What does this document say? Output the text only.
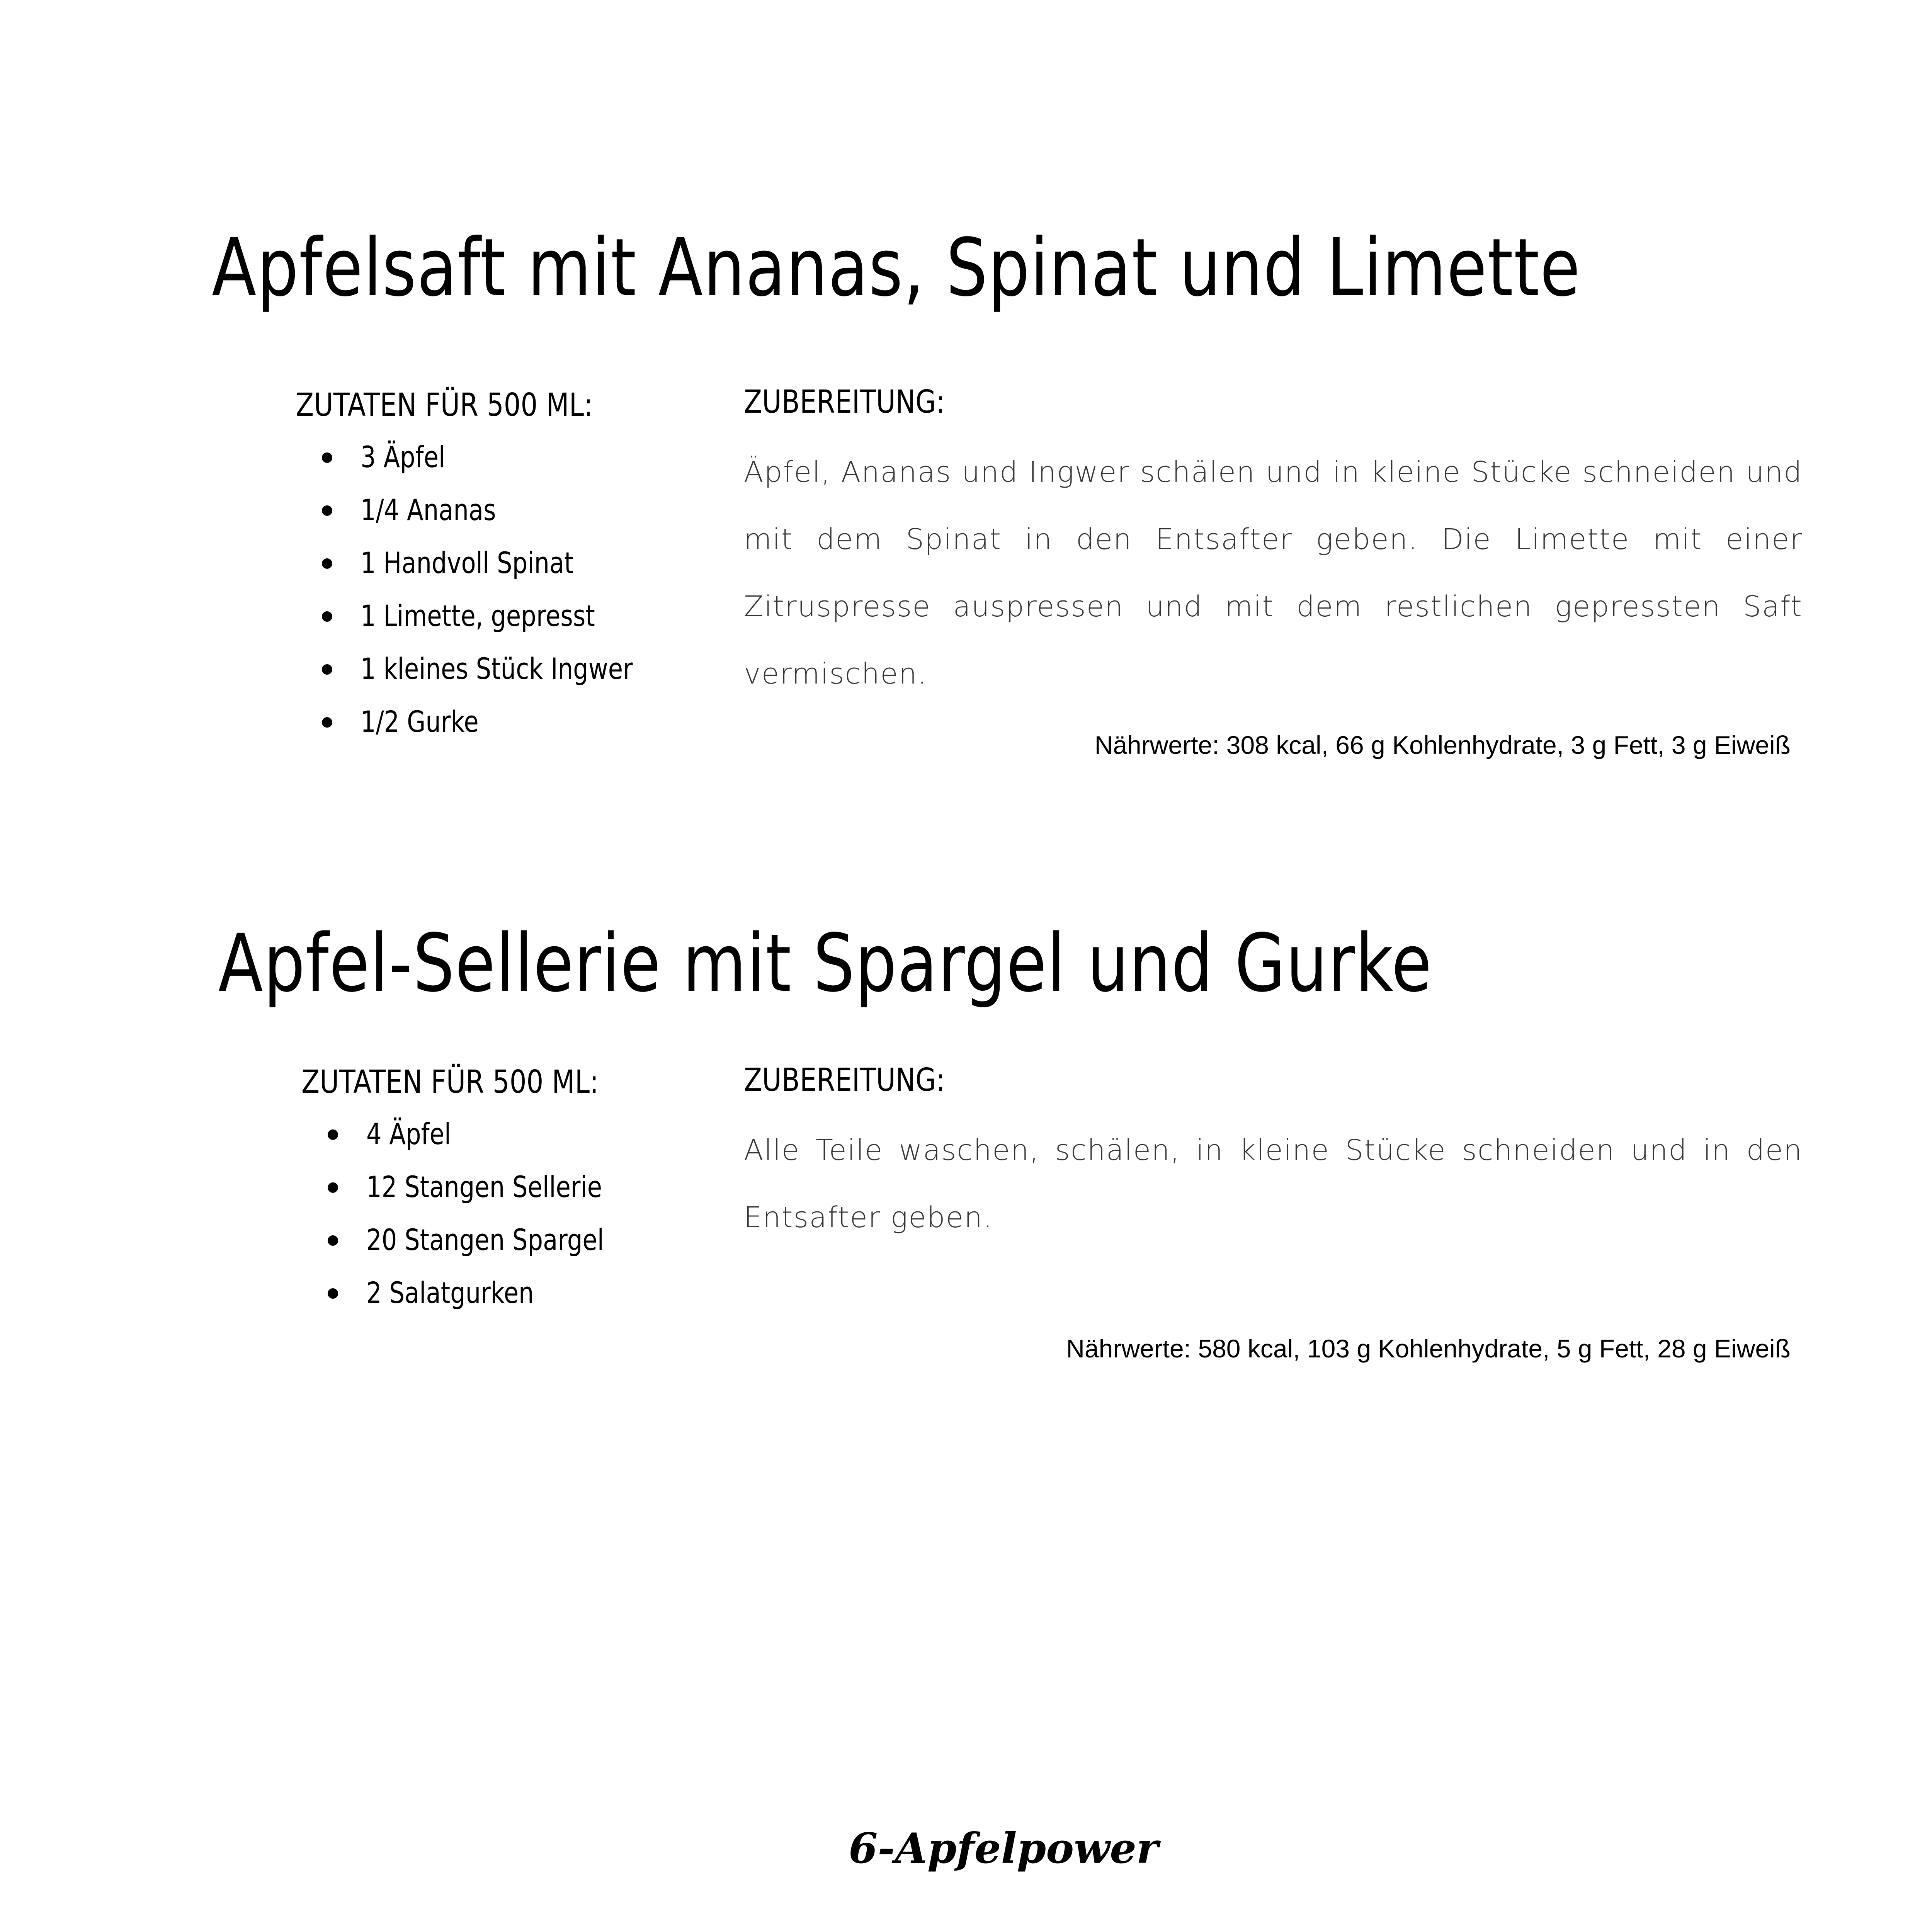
Apfelsaft mit Ananas, Spinat und Limette
ZUTATEN FÜR 500 ML:
3 Äpfel
1/4 Ananas
1 Handvoll Spinat
1 Limette, gepresst
1 kleines Stück Ingwer
1/2 Gurke
ZUBEREITUNG:

Äpfel, Ananas und Ingwer schälen und in kleine Stücke schneiden und mit dem Spinat in den Entsafter geben. Die Limette mit einer Zitruspresse auspressen und mit dem restlichen gepressten Saft vermischen.

Nährwerte: 308 kcal, 66 g Kohlenhydrate, 3 g Fett, 3 g Eiweiß

Apfel-Sellerie mit Spargel und Gurke
ZUTATEN FÜR 500 ML:
4 Äpfel
12 Stangen Sellerie
20 Stangen Spargel
2 Salatgurken
ZUBEREITUNG:

Alle Teile waschen, schälen, in kleine Stücke schneiden und in den Entsafter geben.

Nährwerte: 580 kcal, 103 g Kohlenhydrate, 5 g Fett, 28 g Eiweiß

6-Apfelpower
